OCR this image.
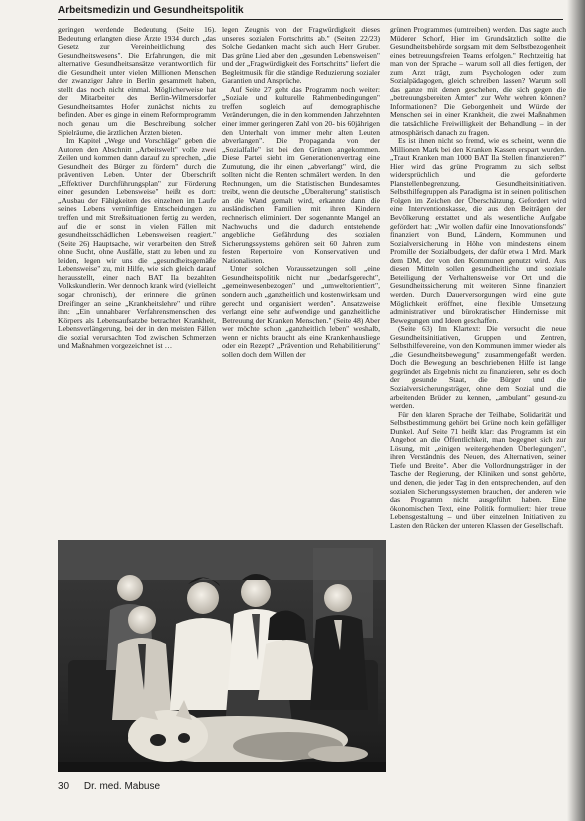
Arbeitsmedizin und Gesundheitspolitik

geringen werdende Bedeutung (Seite 16). Bedeutung erlangten diese Ärzte 1934 durch „das Gesetz zur Vereinheitlichung des Gesundheitswesens". Die Erfahrungen, die mit alternative Gesundheitsansätze verantwortlich für die Gesundheit unter vielen Millionen Menschen der zwanziger Jahre in Berlin gesammelt haben, stellt das noch nicht einmal. Möglicherweise hat der Mitarbeiter des Berlin-Wilmersdorfer Gesundheitsamtes Hofer zunächst nichts zu befinden. Aber es ginge in einem Reformprogramm noch genau um die Beschreibung solcher Spielräume, die ärztlichen Ärzten bieten.

Im Kapitel „Wege und Vorschläge" geben die Autoren den Abschnitt „Arbeitswelt" volle zwei Zeilen und kommen dann darauf zu sprechen, „die Gesundheit des Bürger zu fördern" durch die präventiven Leben. Unter der Überschrift „Effektiver Durchführungsplan" zur Förderung einer gesunden Lebensweise" heißt es dort: „Ausbau der Fähigkeiten des einzelnen im Laufe seines Lebens vernünftige Entscheidungen zu treffen und mit Streßsituationen fertig zu werden, auf die er sonst in vielen Fällen mit gesundheitsschädlichen Lebensweisen reagiert." (Seite 26) Hauptsache, wir verarbeiten den Streß ohne Sucht, ohne Ausfälle, statt zu leben und zu leiden, legen wir uns die „gesundheitsgemäße Lebensweise" zu, mit Hilfe, wie sich gleich darauf herausstellt, einer nach BAT Ila bezahlten Volkskundlerin. Wer dennoch krank wird (vielleicht sogar chronisch), der erinnere die grünen Dreifinger an seine „Krankheitslehre" und rühre ihn: „Ein unnahbarer Verfahrensmenschen des Körpers als Lebensaufsatzbe betrachtet Krankheit, Lebensverlängerung, bei der in den meisten Fällen die sozial verursachten Tod zwischen Schmerzen und Maßnahmen vorgezeichnet ist …

legen Zeugnis von der Fragwürdigkeit dieses unseres sozialen Fortschritts ab." (Seiten 22/23) Solche Gedanken macht sich auch Herr Gruber. Das grüne Lied aber den „gesunden Lebensweisen" und der „Fragwürdigkeit des Fortschritts" liefert die Begleitmusik für die ständige Reduzierung sozialer Garantien und Ansprüche.

Auf Seite 27 geht das Programm noch weiter: „Soziale und kulturelle Rahmenbedingungen" treffen sogleich auf demographische Veränderungen, die in den kommenden Jahrzehnten einer immer geringeren Zahl von 20- bis 60jährigen den Unterhalt von immer mehr alten Leuten abverlangen". Die Propaganda von der „Sozialfalle" ist bei den Grünen angekommen. Diese Partei sieht im Generationenvertrag eine Zumutung, die ihr einen „abverlangt" wird, die sollten nicht die Renten schmälert werden. In den Rechnungen, um die Statistischen Bundesamtes treibt, wenn die deutsche „Überalterung" statistisch an die Wand gemalt wird, erkannte dann die ausländischen Familien mit ihren Kindern rechnerisch eliminiert. Der sogenannte Mangel an Nachwuchs und die dadurch entstehende angebliche Gefährdung des sozialen Sicherungssystems gehören seit 60 Jahren zum festen Repertoire von Konservativen und Nationalisten.

Unter solchen Voraussetzungen soll „eine Gesundheitspolitik nicht nur „bedarfsgerecht", „gemeinwesenbezogen" und „umweltorientiert", sondern auch „ganzheitlich und kostenwirksam und gerecht und organisiert werden". Ansatzweise verlangt eine sehr aufwendige und ganzheitliche Betreuung der Kranken Menschen." (Seite 48) Aber wer möchte schon „ganzheitlich leben" weshalb, wenn er nichts braucht als eine Krankenhausliege oder ein Rezept? „Prävention und Rehabilitierung" sollen doch dem Willen der

grünen Programmes (umtreiben) werden. Das sagte auch Müderer Schorf, Hier im Grundsätzlich sollte die Gesundheitsbehörde sorgsam mit dem Selbstbezogenheit eines betreuungsfreien Teams erfolgen." Rechtzeitig hat man von der Sprache – warum soll all dies fertigen, der zum Arzt trägt, zum Psychologen oder zum Sozialpädagogen, gleich schreiben lassen? Warum soll das ganze mit denen geschehen, die sich gegen die „betreuungsbereiten Ämter" zur Wehr wehren können? Informationen? Die Geborgenheit und Würde der Menschen sei in einer Krankheit, die zwei Maßnahmen die tatsächliche Freiwilligkeit der Behandlung – in der atmosphärisch danach zu fragen.

Es ist ihnen nicht so fremd, wie es scheint, wenn die Millionen Mark bei den Kranken Kassen erspart wurden. „Traut Kranken man 1000 BAT Ila Stellen finanzieren?" Hier wird das grüne Programm zu sich selbst widersprüchlich und die geforderte Planstellenbegrenzung. Gesundheitsinitiativen. Selbsthilfegruppen als Paradigma ist in seinen politischen Folgen im Zeichen der Überschätzung. Gefordert wird eine Interventionskasse, die aus den Beiträgen der Bevölkerung erstattet und als wesentliche Aufgabe gefördert hat: „Wir wollen dafür eine Innovationsfonds" finanziert von Bund, Ländern, Kommunen und Sozialversicherung in Höhe von mindestens einem Promille der Sozialbudgets, der dafür etwa 1 Mrd. Mark dem DM, der von den Kommunen genutzt wird. Aus diesen Mitteln sollen gesundheitliche und soziale Beteiligung der Verhaltensweise vor Ort und die Gesundheitssicherung mit weiteren Sinne finanziert werden. Durch Dauerversorgungen wird eine gute Möglichkeit eröffnet, eine flexible Umsetzung administrativer und bürokratischer Hindernisse mit Bewegungen und Ideen geschaffen.

(Seite 63) Im Klartext: Die versucht die neue Gesundheitsinitiativen, Gruppen und Zentren, Selbsthilfevereine, von den Kommunen immer wieder als „die Gesundheitsbewegung" zusammengefaßt werden. Doch die Bewegung an beschriebenen Hilfe ist lange gegründet als Ergebnis nicht zu finanzieren, sehr es doch der gesunde Staat, die Bürger und die Sozialversicherungsträger, ohne dem Sozial und die arbeitenden Brüder zu kennen, „ambulant" gesund-zu werden.

Für den klaren Sprache der Teilhabe, Solidarität und Selbstbestimmung gehört bei Grüne noch kein gefälliger Dunkel. Auf Seite 71 heißt klar: das Programm ist ein Angebot an die Öffentlichkeit, man begegnet sich zur Lösung, mit „einigen weitergehenden Überlegungen", ihren Verständnis des Neuen, des Alternativen, seiner Tiefe und Breite". Aber die Vollordnungsträger in der Tasche der Regierung, der Kliniken und sonst gehörte, und denen, die jeder Tag in den entsprechenden, auf den sozialen Sicherungssystemen brauchen, der anderen wie das Programm nicht ausgeführt haben. Eine ökonomischen Text, eine Politik formuliert: hier treue Lebensgestaltung – und über einzelnen Initiativen zu Lasten den Rücken der unteren Klassen der Gesellschaft.

30 Dr. med. Mabuse
